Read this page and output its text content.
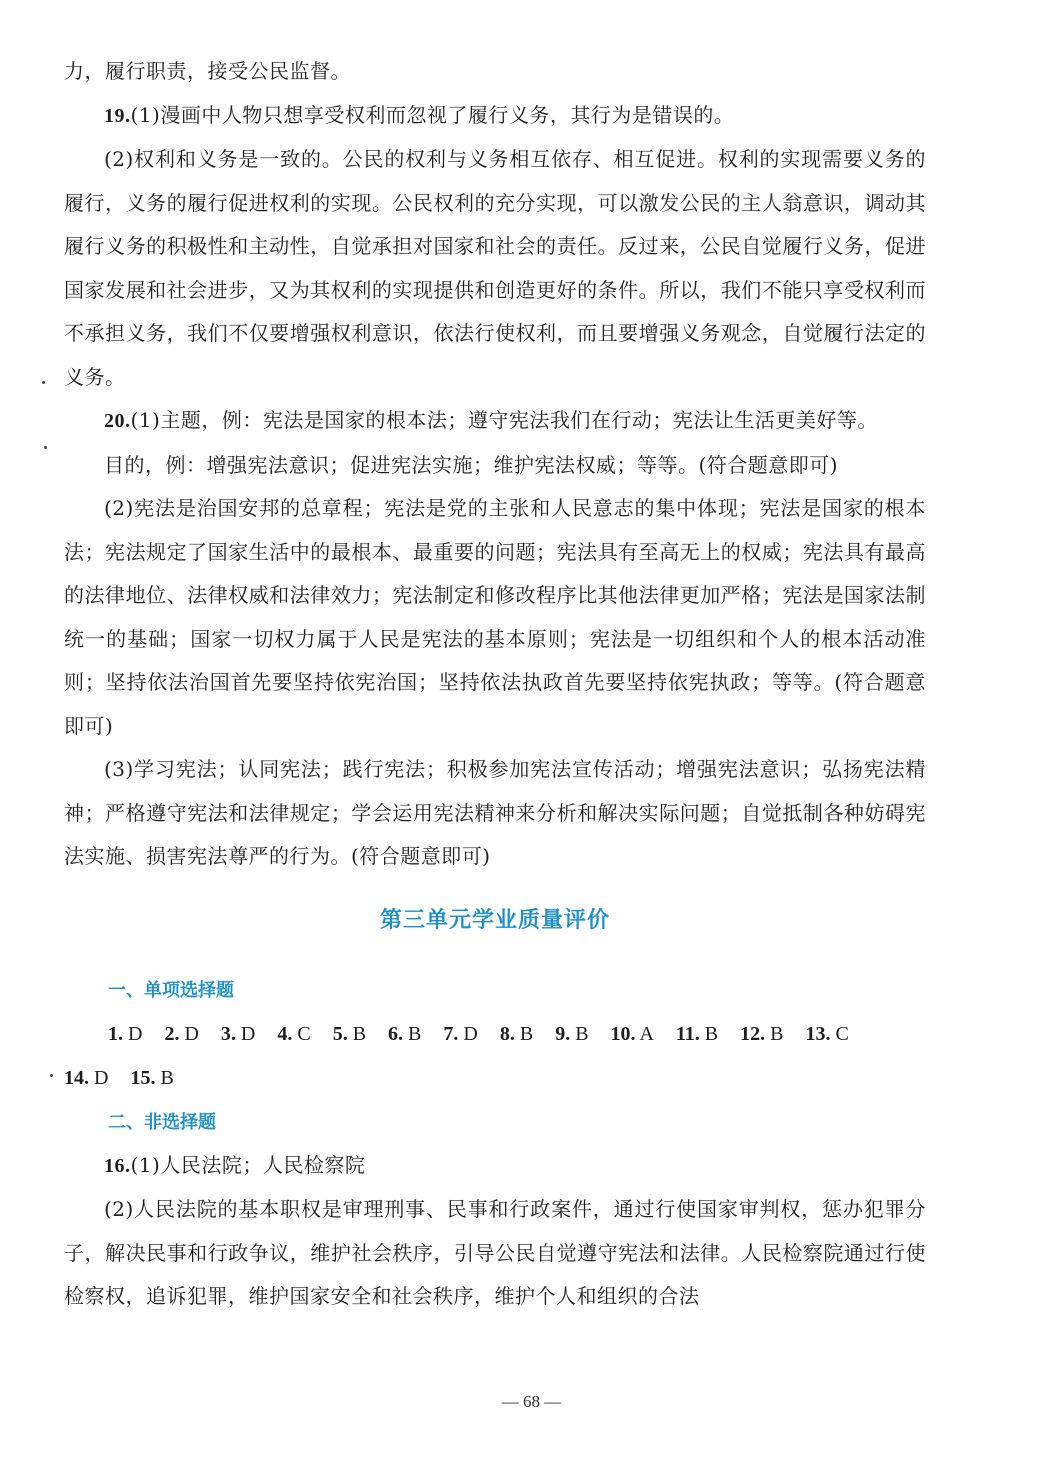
力，履行职责，接受公民监督。

19.(1)漫画中人物只想享受权利而忽视了履行义务，其行为是错误的。

(2)权利和义务是一致的。公民的权利与义务相互依存、相互促进。权利的实现需要义务的履行，义务的履行促进权利的实现。公民权利的充分实现，可以激发公民的主人翁意识，调动其履行义务的积极性和主动性，自觉承担对国家和社会的责任。反过来，公民自觉履行义务，促进国家发展和社会进步，又为其权利的实现提供和创造更好的条件。所以，我们不能只享受权利而不承担义务，我们不仅要增强权利意识，依法行使权利，而且要增强义务观念，自觉履行法定的义务。

20.(1)主题，例：宪法是国家的根本法；遵守宪法我们在行动；宪法让生活更美好等。

目的，例：增强宪法意识；促进宪法实施；维护宪法权威；等等。(符合题意即可)

(2)宪法是治国安邦的总章程；宪法是党的主张和人民意志的集中体现；宪法是国家的根本法；宪法规定了国家生活中的最根本、最重要的问题；宪法具有至高无上的权威；宪法具有最高的法律地位、法律权威和法律效力；宪法制定和修改程序比其他法律更加严格；宪法是国家法制统一的基础；国家一切权力属于人民是宪法的基本原则；宪法是一切组织和个人的根本活动准则；坚持依法治国首先要坚持依宪治国；坚持依法执政首先要坚持依宪执政；等等。(符合题意即可)

(3)学习宪法；认同宪法；践行宪法；积极参加宪法宣传活动；增强宪法意识；弘扬宪法精神；严格遵守宪法和法律规定；学会运用宪法精神来分析和解决实际问题；自觉抵制各种妨碍宪法实施、损害宪法尊严的行为。(符合题意即可)

第三单元学业质量评价
一、单项选择题
1. D 2. D 3. D 4. C 5. B 6. B 7. D 8. B 9. B 10. A 11. B 12. B 13. C
14. D 15. B
二、非选择题

16.(1)人民法院；人民检察院

(2)人民法院的基本职权是审理刑事、民事和行政案件，通过行使国家审判权，惩办犯罪分子，解决民事和行政争议，维护社会秩序，引导公民自觉遵守宪法和法律。人民检察院通过行使检察权，追诉犯罪，维护国家安全和社会秩序，维护个人和组织的合法

— 68 —
